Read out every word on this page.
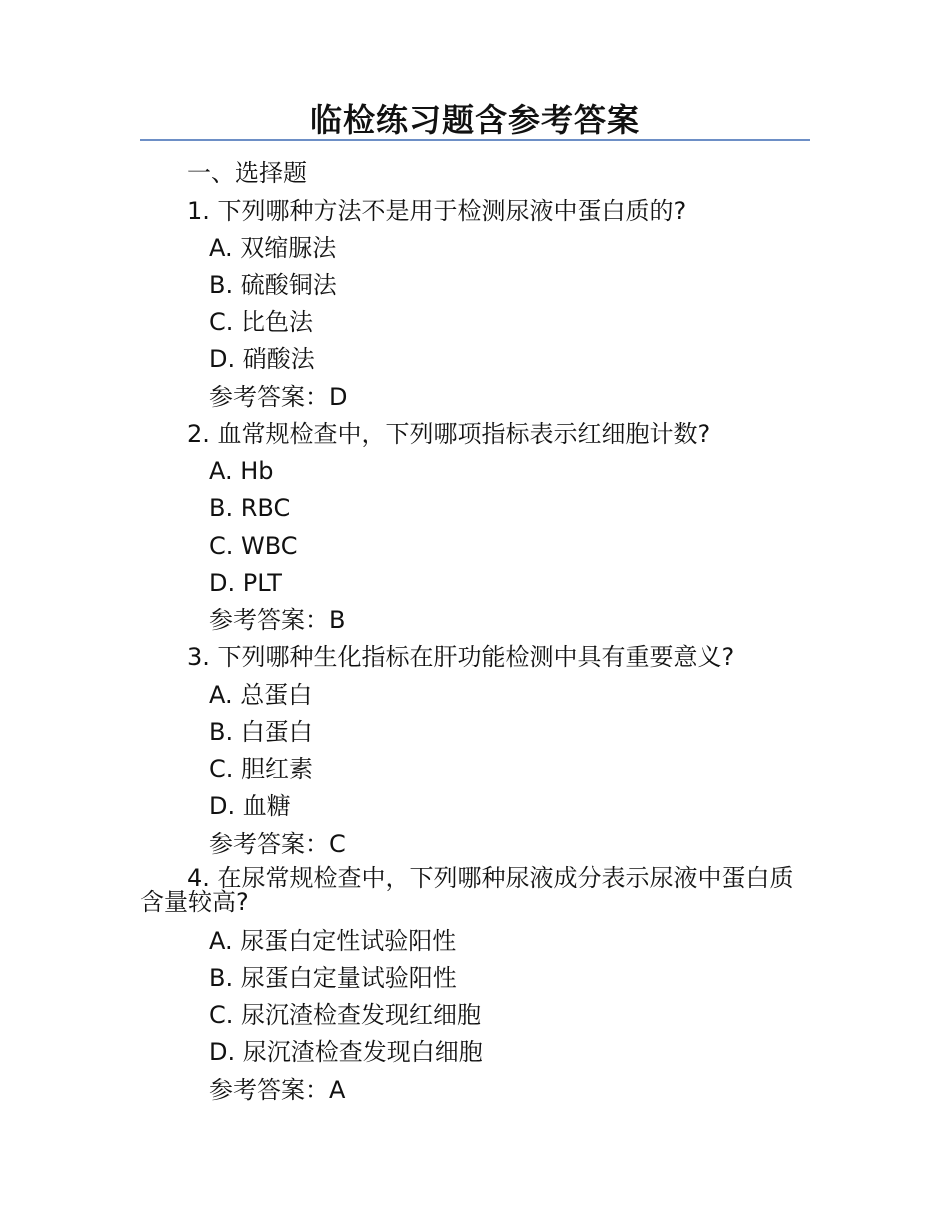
临检练习题含参考答案
一、选择题
1. 下列哪种方法不是用于检测尿液中蛋白质的?
A. 双缩脲法
B. 硫酸铜法
C. 比色法
D. 硝酸法
参考答案：D
2. 血常规检查中，下列哪项指标表示红细胞计数?
A. Hb
B. RBC
C. WBC
D. PLT
参考答案：B
3. 下列哪种生化指标在肝功能检测中具有重要意义?
A. 总蛋白
B. 白蛋白
C. 胆红素
D. 血糖
参考答案：C
4. 在尿常规检查中，下列哪种尿液成分表示尿液中蛋白质含量较高?
A. 尿蛋白定性试验阳性
B. 尿蛋白定量试验阳性
C. 尿沉渣检查发现红细胞
D. 尿沉渣检查发现白细胞
参考答案：A
